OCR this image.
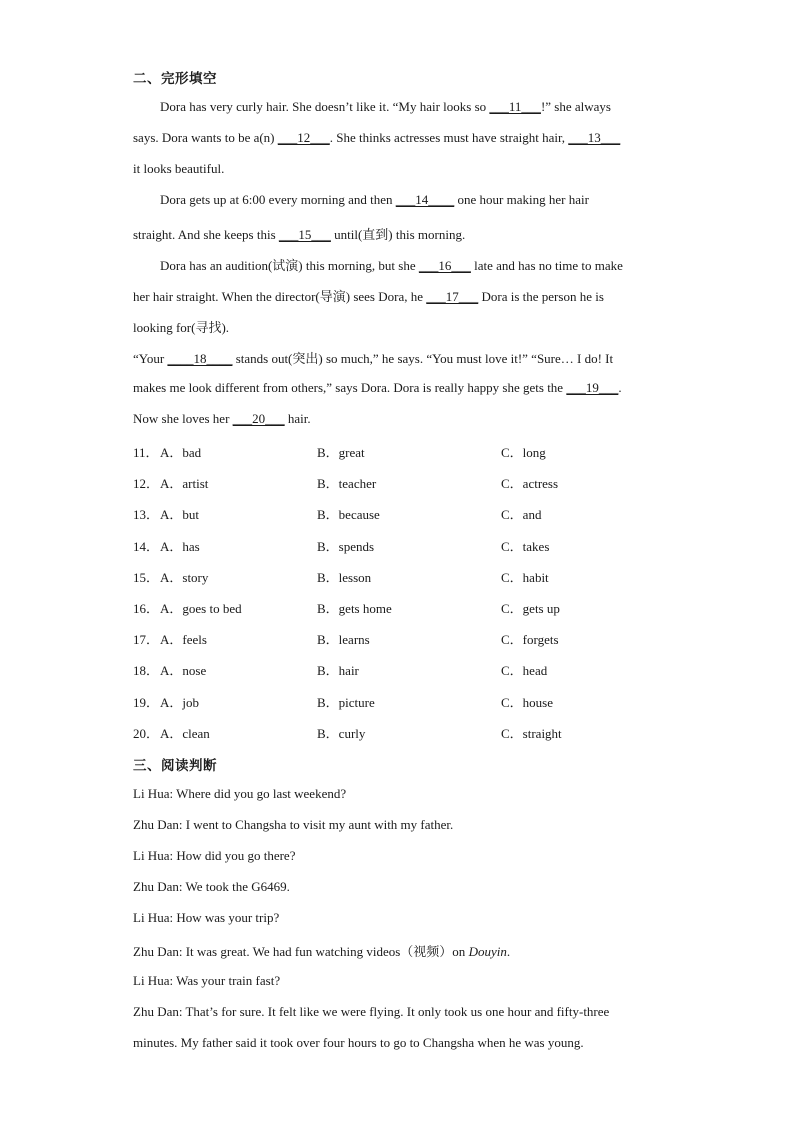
二、完形填空
Dora has very curly hair. She doesn’t like it. “My hair looks so ___11___!” she always
says. Dora wants to be a(n) ___12___. She thinks actresses must have straight hair, ___13___
it looks beautiful.
Dora gets up at 6:00 every morning and then ___14____ one hour making her hair
straight. And she keeps this ___15___ until(直到) this morning.
Dora has an audition(试演) this morning, but she ___16___ late and has no time to make
her hair straight. When the director(导演) sees Dora, he ___17___ Dora is the person he is
looking for(寻找).
“Your ____18____ stands out(突出) so much,” he says. “You must love it!” “Sure… I do! It
makes me look different from others,” says Dora. Dora is really happy she gets the ___19___.
Now she loves her ___20___ hair.
11． A．bad	B．great	C．long
12． A．artist	B．teacher	C．actress
13． A．but	B．because	C．and
14． A．has	B．spends	C．takes
15． A．story	B．lesson	C．habit
16． A．goes to bed	B．gets home	C．gets up
17． A．feels	B．learns	C．forgets
18． A．nose	B．hair	C．head
19． A．job	B．picture	C．house
20． A．clean	B．curly	C．straight
三、阅读判断
Li Hua: Where did you go last weekend?
Zhu Dan: I went to Changsha to visit my aunt with my father.
Li Hua: How did you go there?
Zhu Dan: We took the G6469.
Li Hua: How was your trip?
Zhu Dan: It was great. We had fun watching videos（视频）on Douyin.
Li Hua: Was your train fast?
Zhu Dan: That’s for sure. It felt like we were flying. It only took us one hour and fifty-three
minutes. My father said it took over four hours to go to Changsha when he was young.
